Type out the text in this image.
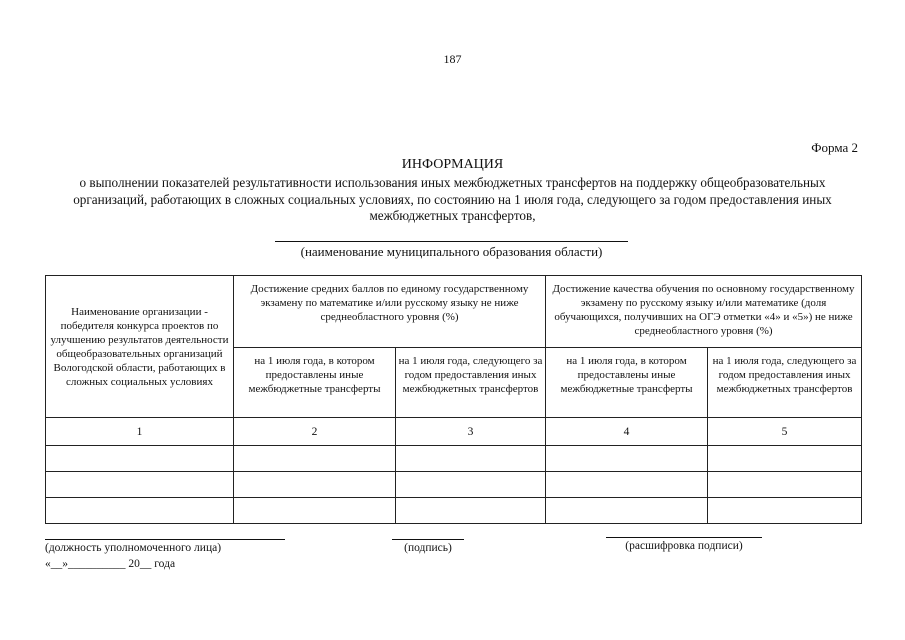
187
Форма 2
ИНФОРМАЦИЯ
о выполнении показателей результативности использования иных межбюджетных трансфертов на поддержку общеобразовательных организаций, работающих в сложных социальных условиях, по состоянию на 1 июля года, следующего за годом предоставления иных межбюджетных трансфертов,
(наименование муниципального образования области)
Наименование организации - победителя конкурса проектов по улучшению результатов деятельности общеобразовательных организаций Вологодской области, работающих в сложных социальных условиях	Достижение средних баллов по единому государственному экзамену по математике и/или русскому языку не ниже среднеобластного уровня (%)		Достижение качества обучения по основному государственному экзамену по русскому языку и/или математике (доля обучающихся, получивших на ОГЭ отметки «4» и «5») не ниже среднеобластного уровня (%)	
	на 1 июля года, в котором предоставлены иные межбюджетные трансферты	на 1 июля года, следующего за годом предоставления иных межбюджетных трансфертов	на 1 июля года, в котором предоставлены иные межбюджетные трансферты	на 1 июля года, следующего за годом предоставления иных межбюджетных трансфертов
1	2	3	4	5

(должность уполномоченного лица)	(подпись)	(расшифровка подписи)
«__»__________ 20__ года
